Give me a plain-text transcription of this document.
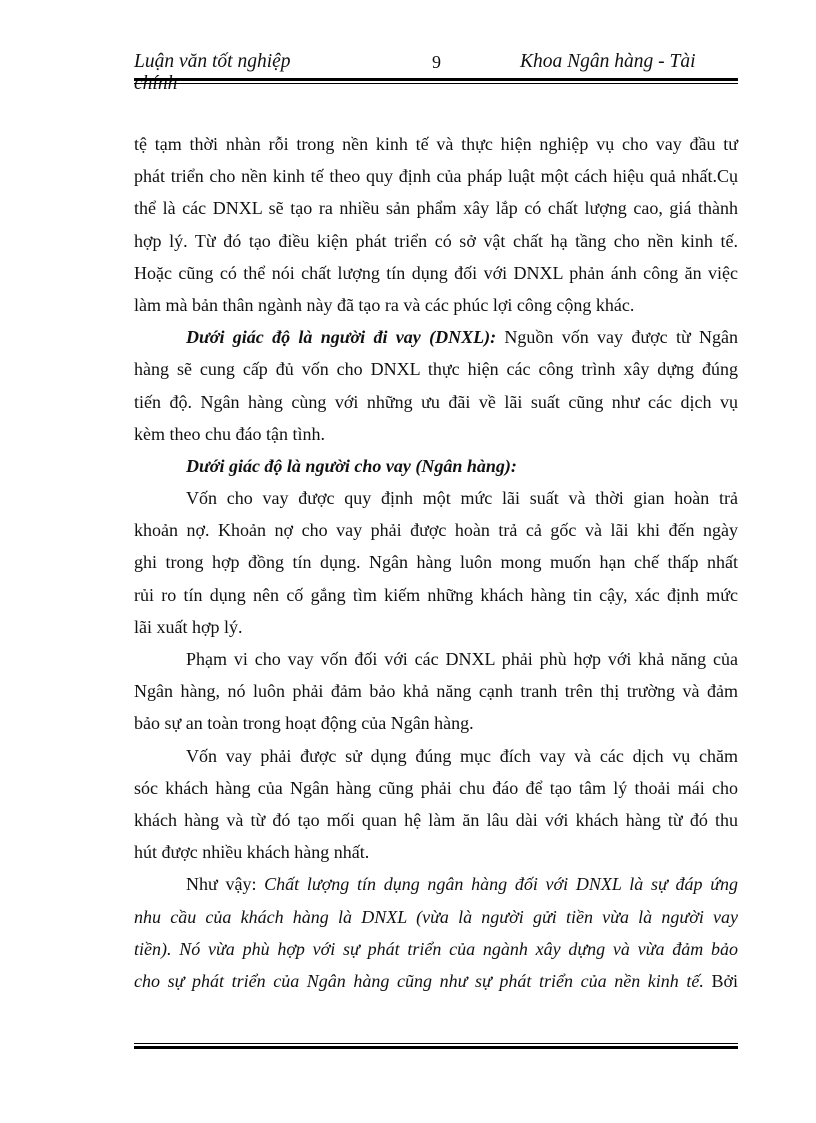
Luận văn tốt nghiệp	9	Khoa Ngân hàng - Tài
chính
tệ tạm thời nhàn rỗi trong nền kinh tế và thực hiện nghiệp vụ cho vay đầu tư
phát triển cho nền kinh tế theo quy định của pháp luật một cách hiệu quả nhất.Cụ
thể là các DNXL sẽ tạo ra nhiều sản phẩm xây lắp có chất lượng cao, giá thành
hợp lý. Từ đó tạo điều kiện phát triển có sở vật chất hạ tầng cho nền kinh tế.
Hoặc cũng có thể nói chất lượng tín dụng đối với DNXL phản ánh công ăn việc
làm mà bản thân ngành này đã tạo ra và các phúc lợi công cộng khác.
Dưới giác độ là người đi vay (DNXL): Nguồn vốn vay được từ Ngân
hàng sẽ cung cấp đủ vốn cho DNXL thực hiện các công trình xây dựng đúng
tiến độ. Ngân hàng cùng với những ưu đãi về lãi suất cũng như các dịch vụ
kèm theo chu đáo tận tình.
Dưới giác độ là người cho vay (Ngân hàng):
Vốn cho vay được quy định một mức lãi suất và thời gian hoàn trả
khoản nợ. Khoản nợ cho vay phải được hoàn trả cả gốc và lãi khi đến ngày
ghi trong hợp đồng tín dụng. Ngân hàng luôn mong muốn hạn chế thấp nhất
rủi ro tín dụng nên cố gắng tìm kiếm những khách hàng tin cậy, xác định mức
lãi xuất hợp lý.
Phạm vi cho vay vốn đối với các DNXL phải phù hợp với khả năng của
Ngân hàng, nó luôn phải đảm bảo khả năng cạnh tranh trên thị trường và đảm
bảo sự an toàn trong hoạt động của Ngân hàng.
Vốn vay phải được sử dụng đúng mục đích vay và các dịch vụ chăm
sóc khách hàng của Ngân hàng cũng phải chu đáo để tạo tâm lý thoải mái cho
khách hàng và từ đó tạo mối quan hệ làm ăn lâu dài với khách hàng từ đó thu
hút được nhiều khách hàng nhất.
Như vậy: Chất lượng tín dụng ngân hàng đối với DNXL là sự đáp ứng
nhu cầu của khách hàng là DNXL (vừa là người gửi tiền vừa là người vay
tiền). Nó vừa phù hợp với sự phát triển của ngành xây dựng và vừa đảm bảo
cho sự phát triển của Ngân hàng cũng như sự phát triển của nền kinh tế. Bởi
